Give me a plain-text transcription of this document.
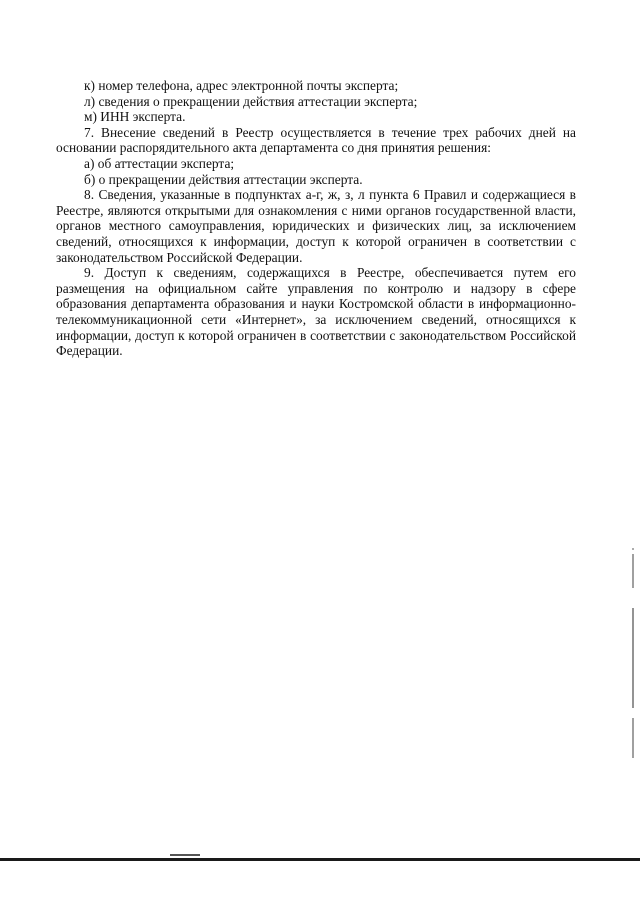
к) номер телефона, адрес электронной почты эксперта;

л) сведения о прекращении действия аттестации эксперта;

м) ИНН эксперта.

7. Внесение сведений в Реестр осуществляется в течение трех рабочих дней на основании распорядительного акта департамента со дня принятия решения:

а) об аттестации эксперта;

б) о прекращении действия аттестации эксперта.

8. Сведения, указанные в подпунктах а-г, ж, з, л пункта 6 Правил и содержащиеся в Реестре, являются открытыми для ознакомления с ними органов государственной власти, органов местного самоуправления, юридических и физических лиц, за исключением сведений, относящихся к информации, доступ к которой ограничен в соответствии с законодательством Российской Федерации.

9. Доступ к сведениям, содержащихся в Реестре, обеспечивается путем его размещения на официальном сайте управления по контролю и надзору в сфере образования департамента образования и науки Костромской области в информационно-телекоммуникационной сети «Интернет», за исключением сведений, относящихся к информации, доступ к которой ограничен в соответствии с законодательством Российской Федерации.
